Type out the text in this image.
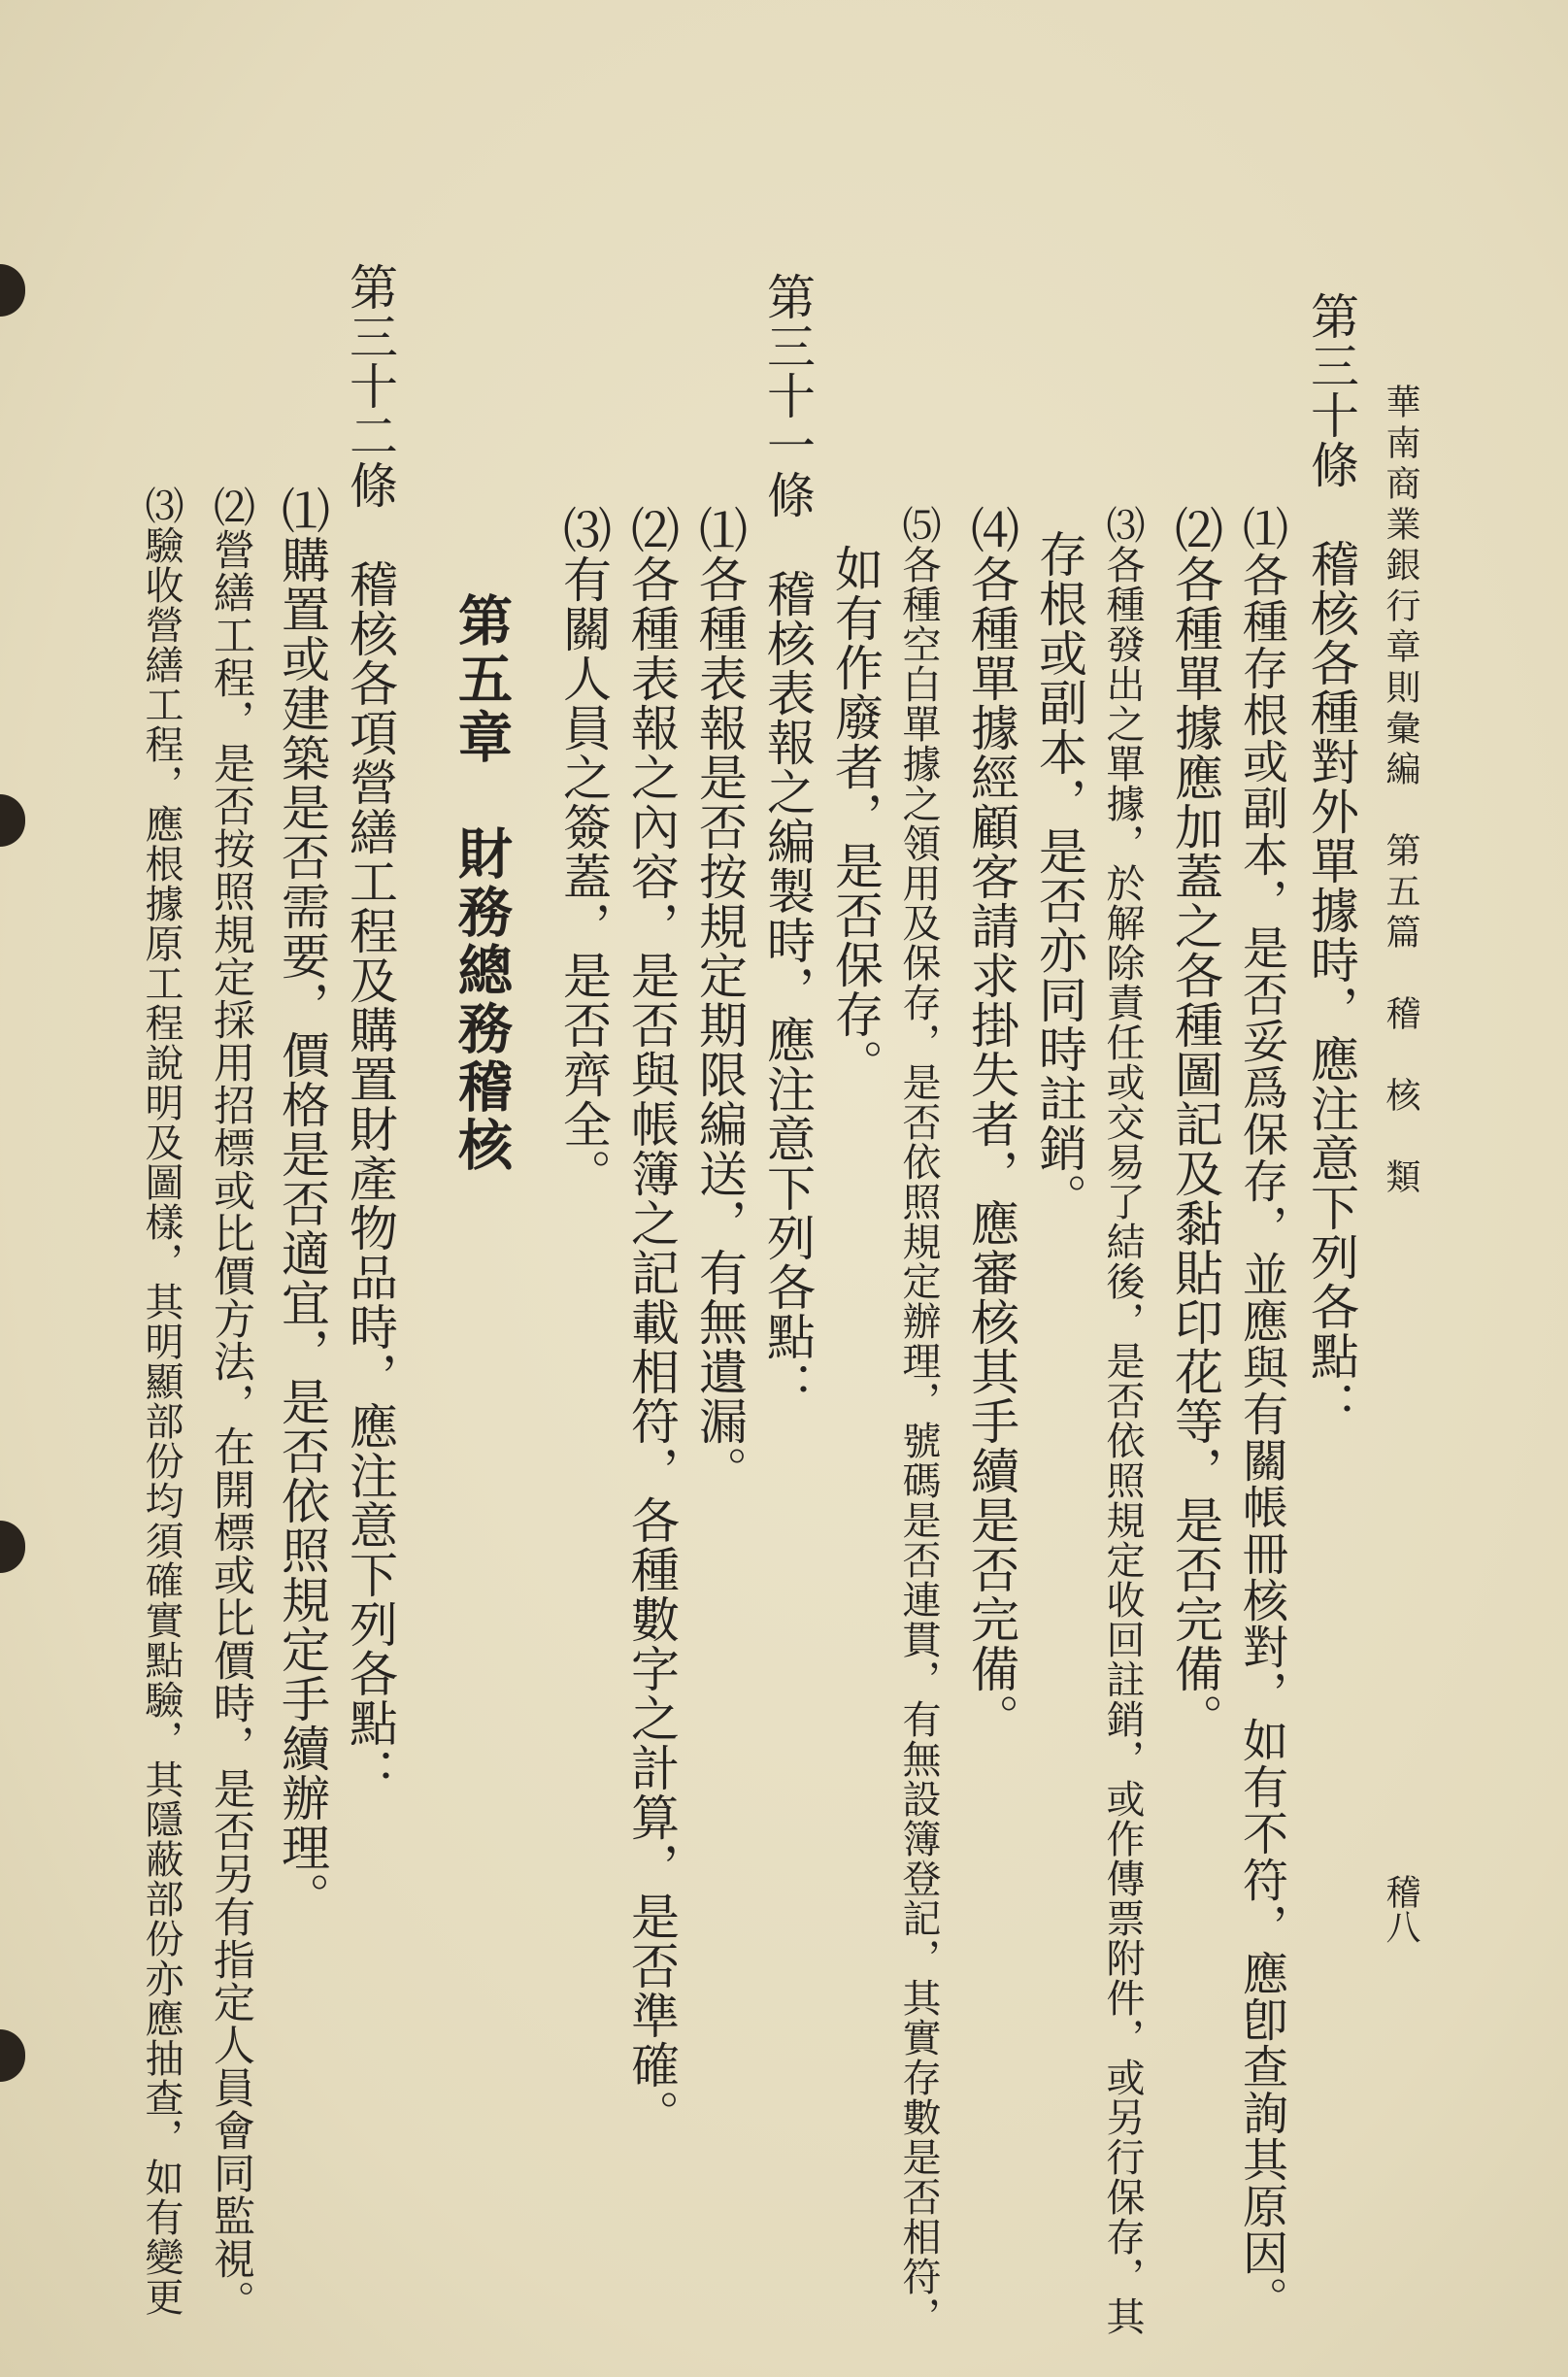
華南商業銀行章則彙編　第五篇　稽　核　類
稽八
第三十條　稽核各種對外單據時，應注意下列各點：
⑴各種存根或副本，是否妥爲保存，並應與有關帳冊核對，如有不符，應卽查詢其原因。
⑵各種單據應加蓋之各種圖記及黏貼印花等，是否完備。
⑶各種發出之單據，於解除責任或交易了結後，是否依照規定收回註銷，或作傳票附件，或另行保存，其
存根或副本，是否亦同時註銷。
⑷各種單據經顧客請求掛失者，應審核其手續是否完備。
⑸各種空白單據之領用及保存，是否依照規定辦理，號碼是否連貫，有無設簿登記，其實存數是否相符，
如有作廢者，是否保存。
第三十一條　稽核表報之編製時，應注意下列各點：
⑴各種表報是否按規定期限編送，有無遺漏。
⑵各種表報之內容，是否與帳簿之記載相符，各種數字之計算，是否準確。
⑶有關人員之簽蓋，是否齊全。
第五章　財務總務稽核
第三十二條　稽核各項營繕工程及購置財產物品時，應注意下列各點：
⑴購置或建築是否需要，價格是否適宜，是否依照規定手續辦理。
⑵營繕工程，是否按照規定採用招標或比價方法，在開標或比價時，是否另有指定人員會同監視。
⑶驗收營繕工程，應根據原工程說明及圖樣，其明顯部份均須確實點驗，其隱蔽部份亦應抽查，如有變更
